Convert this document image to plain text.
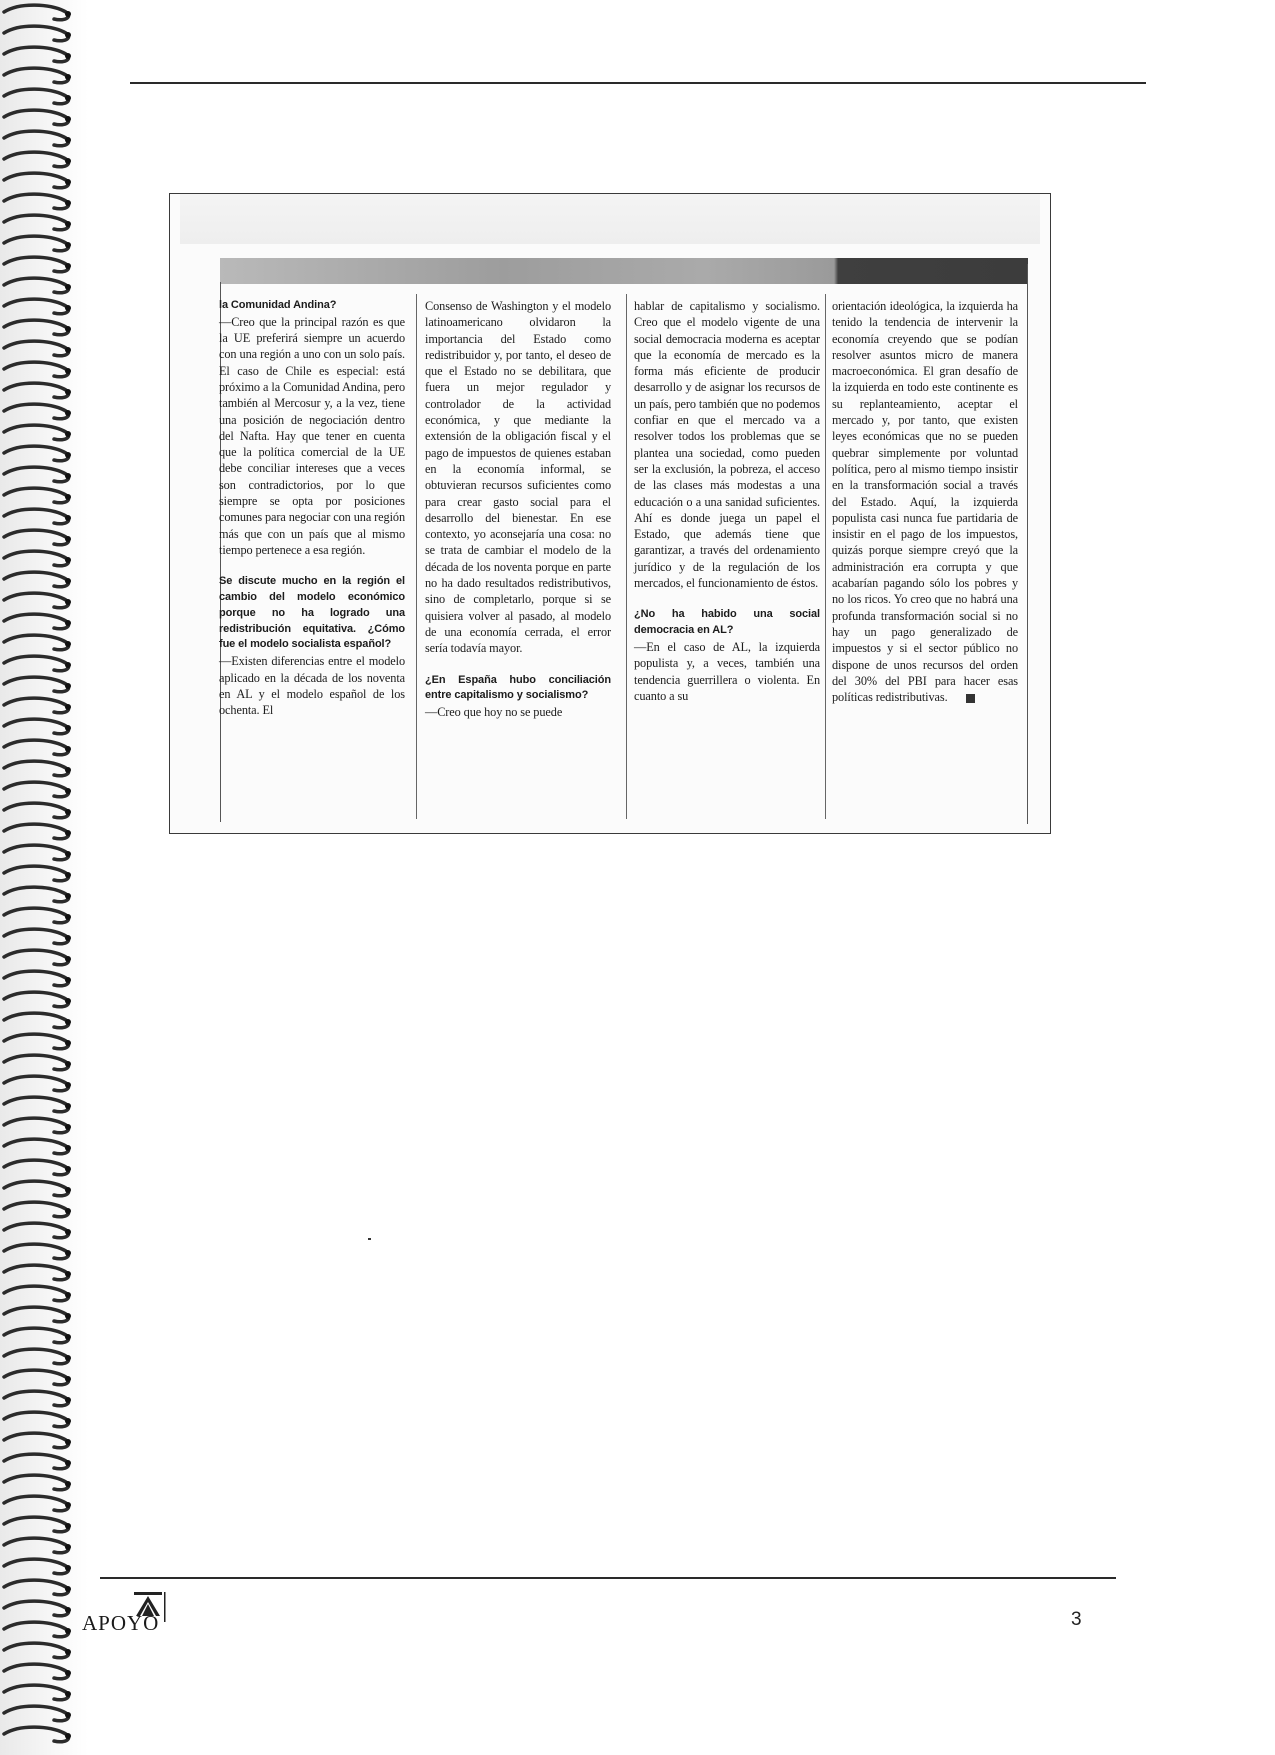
la Comunidad Andina?

—Creo que la principal razón es que la UE preferirá siempre un acuerdo con una región a uno con un solo país. El caso de Chile es especial: está próximo a la Comunidad Andina, pero también al Mercosur y, a la vez, tiene una posición de negociación dentro del Nafta. Hay que tener en cuenta que la política comercial de la UE debe conciliar intereses que a veces son contradictorios, por lo que siempre se opta por posiciones comunes para negociar con una región más que con un país que al mismo tiempo pertenece a esa región.

Se discute mucho en la región el cambio del modelo económico porque no ha logrado una redistribución equitativa. ¿Cómo fue el modelo socialista español?

—Existen diferencias entre el modelo aplicado en la década de los noventa en AL y el modelo español de los ochenta. El

Consenso de Washington y el modelo latinoamericano olvidaron la importancia del Estado como redistribuidor y, por tanto, el deseo de que el Estado no se debilitara, que fuera un mejor regulador y controlador de la actividad económica, y que mediante la extensión de la obligación fiscal y el pago de impuestos de quienes estaban en la economía informal, se obtuvieran recursos suficientes como para crear gasto social para el desarrollo del bienestar. En ese contexto, yo aconsejaría una cosa: no se trata de cambiar el modelo de la década de los noventa porque en parte no ha dado resultados redistributivos, sino de completarlo, porque si se quisiera volver al pasado, al modelo de una economía cerrada, el error sería todavía mayor.

¿En España hubo conciliación entre capitalismo y socialismo?

—Creo que hoy no se puede

hablar de capitalismo y socialismo. Creo que el modelo vigente de una social democracia moderna es aceptar que la economía de mercado es la forma más eficiente de producir desarrollo y de asignar los recursos de un país, pero también que no podemos confiar en que el mercado va a resolver todos los problemas que se plantea una sociedad, como pueden ser la exclusión, la pobreza, el acceso de las clases más modestas a una educación o a una sanidad suficientes. Ahí es donde juega un papel el Estado, que además tiene que garantizar, a través del ordenamiento jurídico y de la regulación de los mercados, el funcionamiento de éstos.

¿No ha habido una social democracia en AL?

—En el caso de AL, la izquierda populista y, a veces, también una tendencia guerrillera o violenta. En cuanto a su

orientación ideológica, la izquierda ha tenido la tendencia de intervenir la economía creyendo que se podían resolver asuntos micro de manera macroeconómica. El gran desafío de la izquierda en todo este continente es su replanteamiento, aceptar el mercado y, por tanto, que existen leyes económicas que no se pueden quebrar simplemente por voluntad política, pero al mismo tiempo insistir en la transformación social a través del Estado. Aquí, la izquierda populista casi nunca fue partidaria de insistir en el pago de los impuestos, quizás porque siempre creyó que la administración era corrupta y que acabarían pagando sólo los pobres y no los ricos. Yo creo que no habrá una profunda transformación social si no hay un pago generalizado de impuestos y si el sector público no dispone de unos recursos del orden del 30% del PBI para hacer esas políticas redistributivas.

APOYO	3
